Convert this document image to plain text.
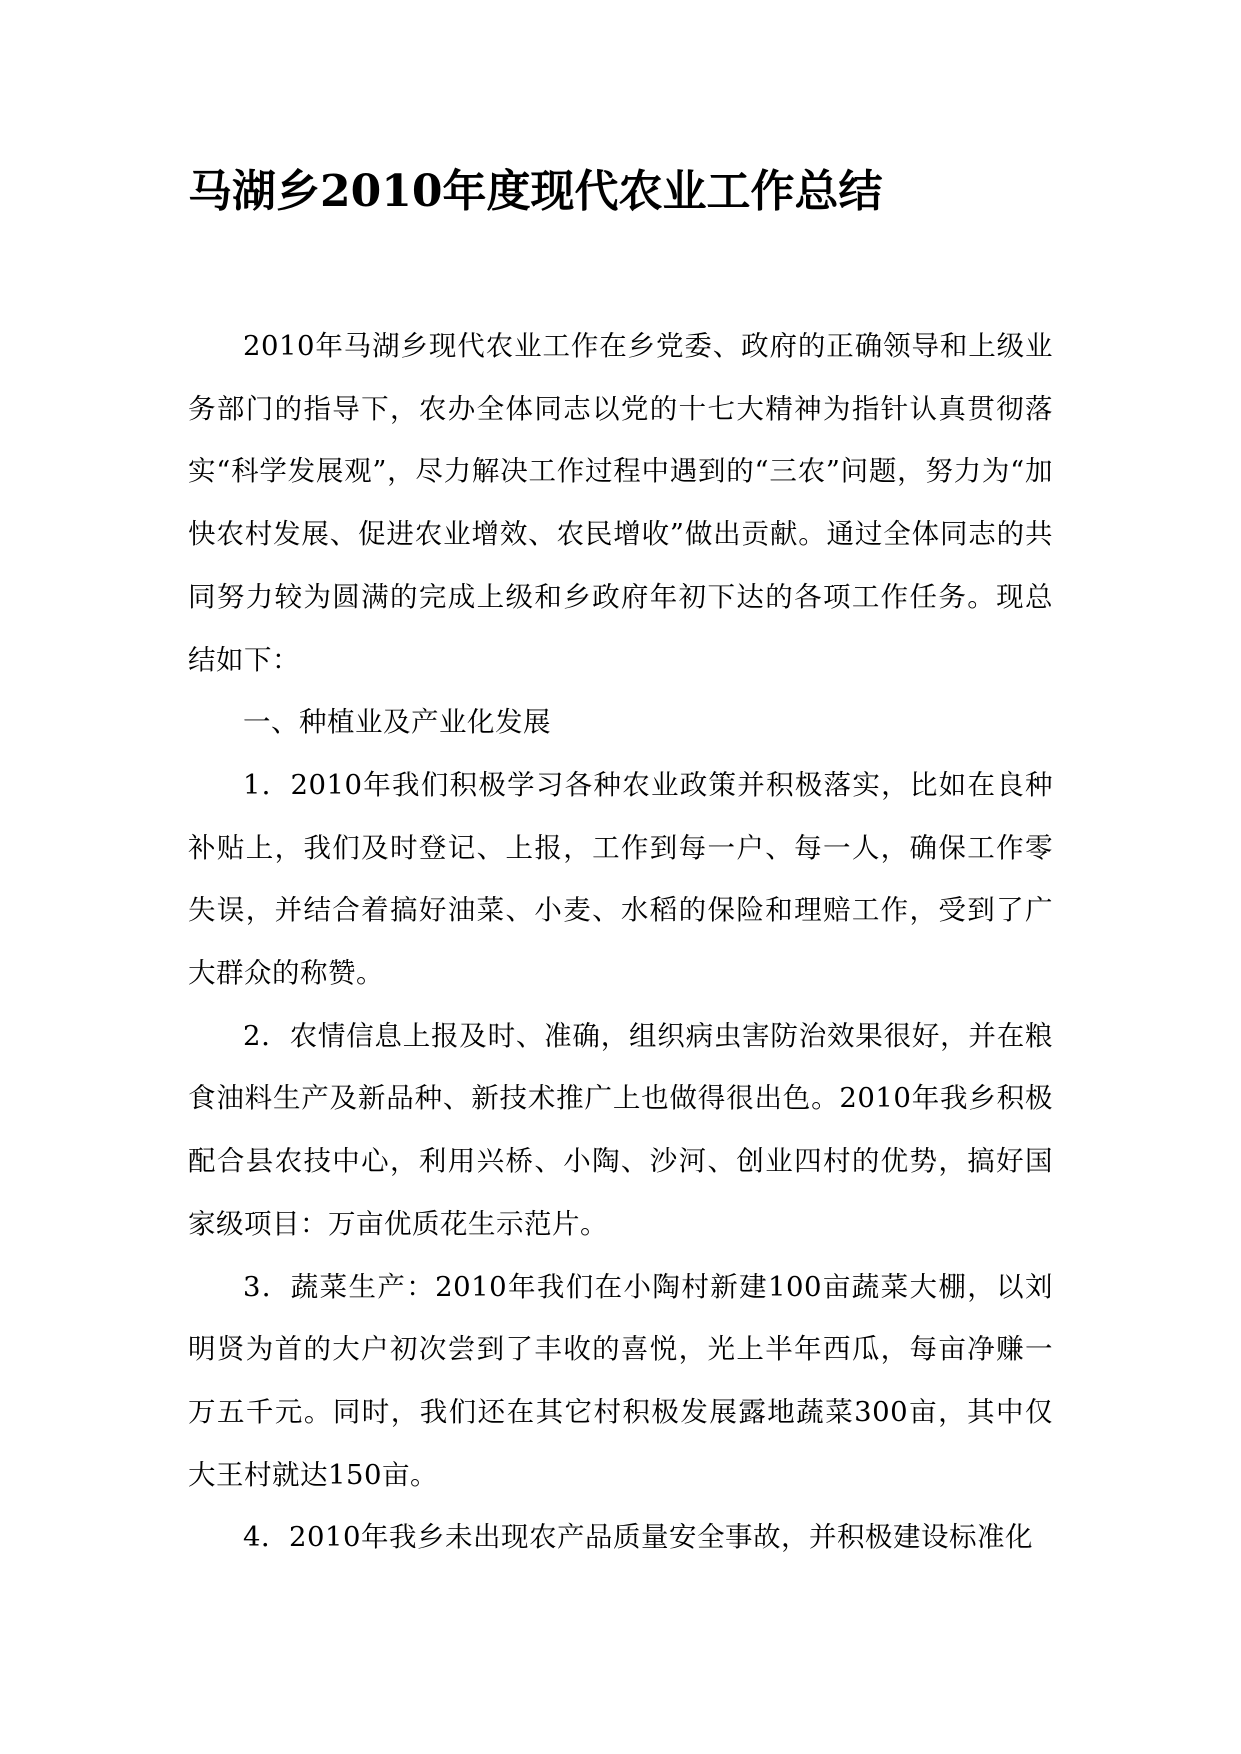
马湖乡2010年度现代农业工作总结

2010年马湖乡现代农业工作在乡党委、政府的正确领导和上级业务部门的指导下，农办全体同志以党的十七大精神为指针认真贯彻落实“科学发展观”，尽力解决工作过程中遇到的“三农”问题，努力为“加快农村发展、促进农业增效、农民增收”做出贡献。通过全体同志的共同努力较为圆满的完成上级和乡政府年初下达的各项工作任务。现总结如下：

一、种植业及产业化发展

1．2010年我们积极学习各种农业政策并积极落实，比如在良种补贴上，我们及时登记、上报，工作到每一户、每一人，确保工作零失误，并结合着搞好油菜、小麦、水稻的保险和理赔工作，受到了广大群众的称赞。

2．农情信息上报及时、准确，组织病虫害防治效果很好，并在粮食油料生产及新品种、新技术推广上也做得很出色。2010年我乡积极配合县农技中心，利用兴桥、小陶、沙河、创业四村的优势，搞好国家级项目：万亩优质花生示范片。

3．蔬菜生产：2010年我们在小陶村新建100亩蔬菜大棚，以刘明贤为首的大户初次尝到了丰收的喜悦，光上半年西瓜，每亩净赚一万五千元。同时，我们还在其它村积极发展露地蔬菜300亩，其中仅大王村就达150亩。

4．2010年我乡未出现农产品质量安全事故，并积极建设标准化
